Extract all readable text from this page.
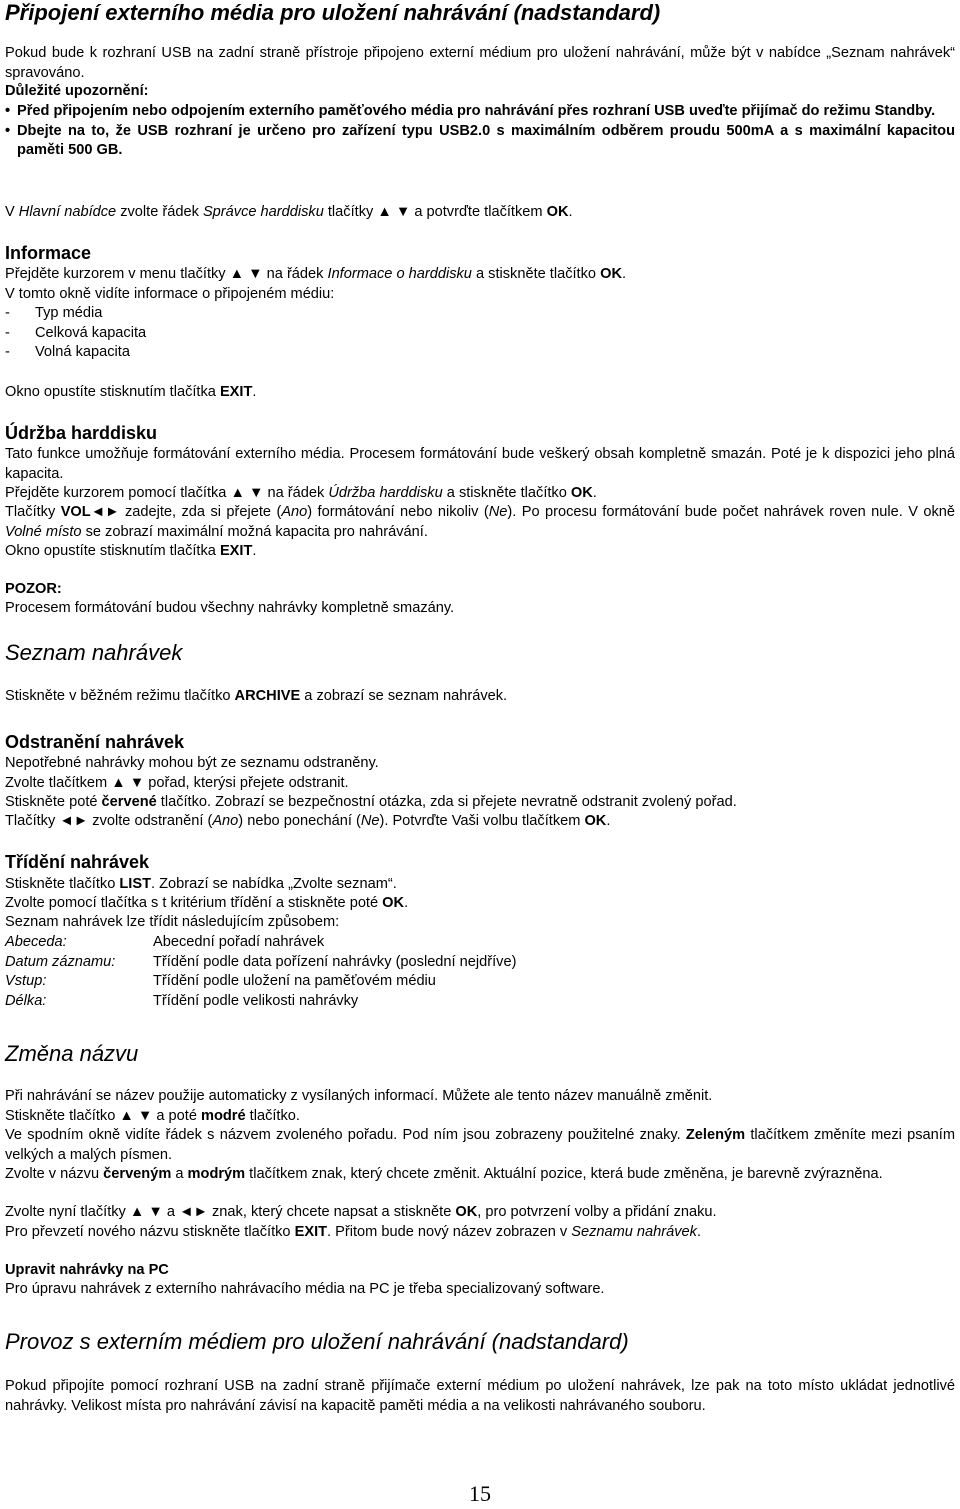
Připojení externího média pro uložení nahrávání (nadstandard)

Pokud bude k rozhraní USB na zadní straně přístroje připojeno externí médium pro uložení nahrávání, může být v nabídce „Seznam nahrávek“ spravováno.

Důležité upozornění:

• Před připojením nebo odpojením externího paměťového média pro nahrávání přes rozhraní USB uveďte přijímač do režimu Standby.
• Dbejte na to, že USB rozhraní je určeno pro zařízení typu USB2.0 s maximálním odběrem proudu 500mA a s maximální kapacitou paměti 500 GB.

V Hlavní nabídce zvolte řádek Správce harddisku tlačítky ▲ ▼ a potvrďte tlačítkem OK.

Informace

Přejděte kurzorem v menu tlačítky ▲ ▼ na řádek Informace o harddisku a stiskněte tlačítko OK.

V tomto okně vidíte informace o připojeném médiu:

-	Typ média
-	Celková kapacita
-	Volná kapacita

Okno opustíte stisknutím tlačítka EXIT.

Údržba harddisku

Tato funkce umožňuje formátování externího média. Procesem formátování bude veškerý obsah kompletně smazán. Poté je k dispozici jeho plná kapacita.

Přejděte kurzorem pomocí tlačítka ▲ ▼ na řádek Údržba harddisku a stiskněte tlačítko OK.

Tlačítky VOL◄► zadejte, zda si přejete (Ano) formátování nebo nikoliv (Ne). Po procesu formátování bude počet nahrávek roven nule. V okně Volné místo se zobrazí maximální možná kapacita pro nahrávání.

Okno opustíte stisknutím tlačítka EXIT.

POZOR:

Procesem formátování budou všechny nahrávky kompletně smazány.

Seznam nahrávek

Stiskněte v běžném režimu tlačítko ARCHIVE a zobrazí se seznam nahrávek.

Odstranění nahrávek

Nepotřebné nahrávky mohou být ze seznamu odstraněny.

Zvolte tlačítkem ▲ ▼ pořad, kterýsi přejete odstranit.

Stiskněte poté červené tlačítko. Zobrazí se bezpečnostní otázka, zda si přejete nevratně odstranit zvolený pořad.

Tlačítky ◄► zvolte odstranění (Ano) nebo ponechání (Ne). Potvrďte Vaši volbu tlačítkem OK.

Třídění nahrávek

Stiskněte tlačítko LIST. Zobrazí se nabídka „Zvolte seznam“.

Zvolte pomocí tlačítka s t kritérium třídění a stiskněte poté OK.

Seznam nahrávek lze třídit následujícím způsobem:

Abeceda:	Abecední pořadí nahrávek
Datum záznamu:	Třídění podle data pořízení nahrávky (poslední nejdříve)
Vstup:	Třídění podle uložení na paměťovém médiu
Délka:	Třídění podle velikosti nahrávky
Změna názvu

Při nahrávání se název použije automaticky z vysílaných informací. Můžete ale tento název manuálně změnit.

Stiskněte tlačítko ▲ ▼ a poté modré tlačítko.

Ve spodním okně vidíte řádek s názvem zvoleného pořadu. Pod ním jsou zobrazeny použitelné znaky. Zeleným tlačítkem změníte mezi psaním velkých a malých písmen.

Zvolte v názvu červeným a modrým tlačítkem znak, který chcete změnit. Aktuální pozice, která bude změněna, je barevně zvýrazněna.

Zvolte nyní tlačítky ▲ ▼ a ◄► znak, který chcete napsat a stiskněte OK, pro potvrzení volby a přidání znaku.

Pro převzetí nového názvu stiskněte tlačítko EXIT. Přitom bude nový název zobrazen v Seznamu nahrávek.

Upravit nahrávky na PC

Pro úpravu nahrávek z externího nahrávacího média na PC je třeba specializovaný software.

Provoz s externím médiem pro uložení nahrávání (nadstandard)

Pokud připojíte pomocí rozhraní USB na zadní straně přijímače externí médium po uložení nahrávek, lze pak na toto místo ukládat jednotlivé nahrávky. Velikost místa pro nahrávání závisí na kapacitě paměti média a na velikosti nahrávaného souboru.

15
